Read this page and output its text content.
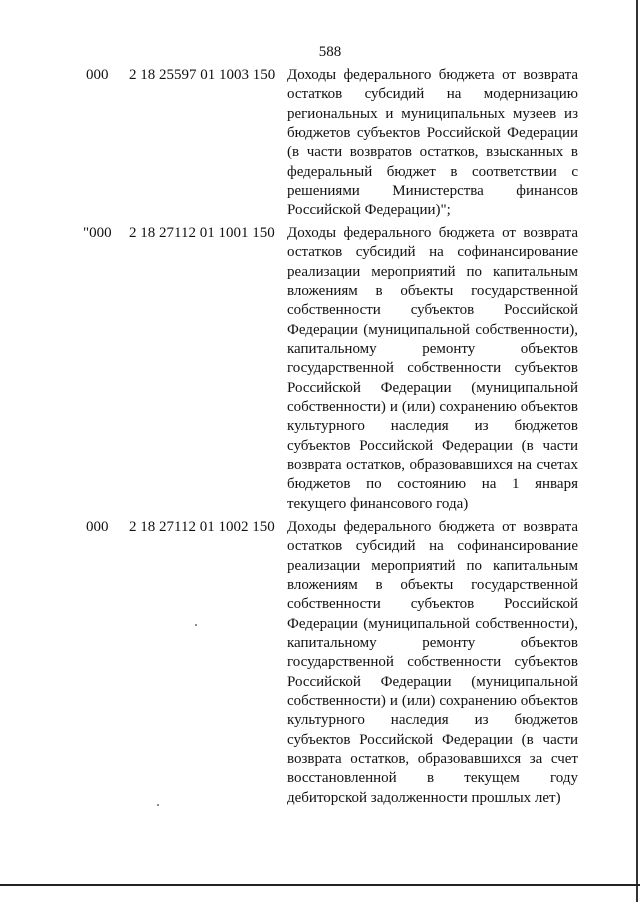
588
000 2 18 25597 01 1003 150 Доходы федерального бюджета от возврата остатков субсидий на модернизацию региональных и муниципальных музеев из бюджетов субъектов Российской Федерации (в части возвратов остатков, взысканных в федеральный бюджет в соответствии с решениями Министерства финансов Российской Федерации)";
"000 2 18 27112 01 1001 150 Доходы федерального бюджета от возврата остатков субсидий на софинансирование реализации мероприятий по капитальным вложениям в объекты государственной собственности субъектов Российской Федерации (муниципальной собственности), капитальному ремонту объектов государственной собственности субъектов Российской Федерации (муниципальной собственности) и (или) сохранению объектов культурного наследия из бюджетов субъектов Российской Федерации (в части возврата остатков, образовавшихся на счетах бюджетов по состоянию на 1 января текущего финансового года)
000 2 18 27112 01 1002 150 Доходы федерального бюджета от возврата остатков субсидий на софинансирование реализации мероприятий по капитальным вложениям в объекты государственной собственности субъектов Российской Федерации (муниципальной собственности), капитальному ремонту объектов государственной собственности субъектов Российской Федерации (муниципальной собственности) и (или) сохранению объектов культурного наследия из бюджетов субъектов Российской Федерации (в части возврата остатков, образовавшихся за счет восстановленной в текущем году дебиторской задолженности прошлых лет)
